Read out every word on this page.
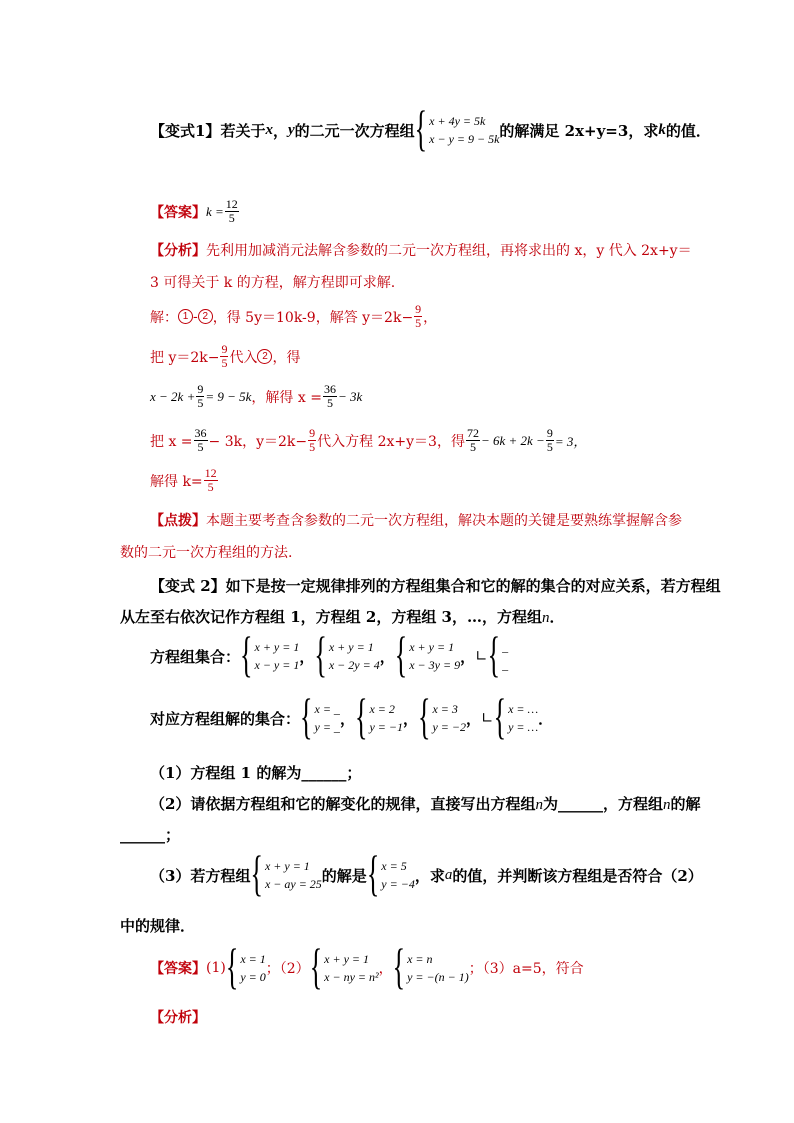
【变式1】 若关于 x ， y 的二元一次方程组 { x + 4y = 5k
x − y = 9 − 5k 的解满足 2x+y=3，求 k 的值．
【答案】 $k = \frac{12}{5}$
【分析】先利用加减消元法解含参数的二元一次方程组，再将求出的 x，y 代入 2x+y＝
3 可得关于 k 的方程，解方程即可求解.
解： 1 - 2 ，得 5y＝10k-9，解答 $y=2k- \frac{9}{5}$ ，
把 $y=2k- \frac{9}{5}$ 代入 2 ，得
$x - 2k + \frac{9}{5} = 9 - 5k$ ，解得 $x = \frac{36}{5} - 3k$
把 $x = \frac{36}{5} - 3k$，$y=2k- \frac{9}{5}$ 代入方程 2x+y＝3，得 $\frac{72}{5} - 6k + 2k - \frac{9}{5} = 3$，
解得 $k= \frac{12}{5}$
【点拨】本题主要考查含参数的二元一次方程组，解决本题的关键是要熟练掌握解含参
数的二元一次方程组的方法.
【变式 2】如下是按一定规律排列的方程组集合和它的解的集合的对应关系，若方程组
从左至右依次记作方程组 1，方程组 2，方程组 3，…，方程组n．
方程组集合： { x + y = 1
x − y = 1 ， { x + y = 1
x − 2y = 4 ， { x + y = 1
x − 3y = 9 ， ∟ { _
_
对应方程组解的集合： { x = _
y = _ ， { x = 2
y = −1 ， { x = 3
y = −2 ， ∟ { x = …
y = … ．
（1）方程组 1 的解为______；
（2）请依据方程组和它的解变化的规律，直接写出方程组n为______，方程组n的解
______；
（3）若方程组 { x + y = 1
x − ay = 25 的解是 { x = 5
y = −4 ，求 a 的值，并判断该方程组是否符合（2）
中的规律．
【答案】 (1) { x = 1
y = 0 ；（2） { x + y = 1
x − ny = n² ， { x = n
y = −(n − 1) ；（3）a=5，符合
【分析】
